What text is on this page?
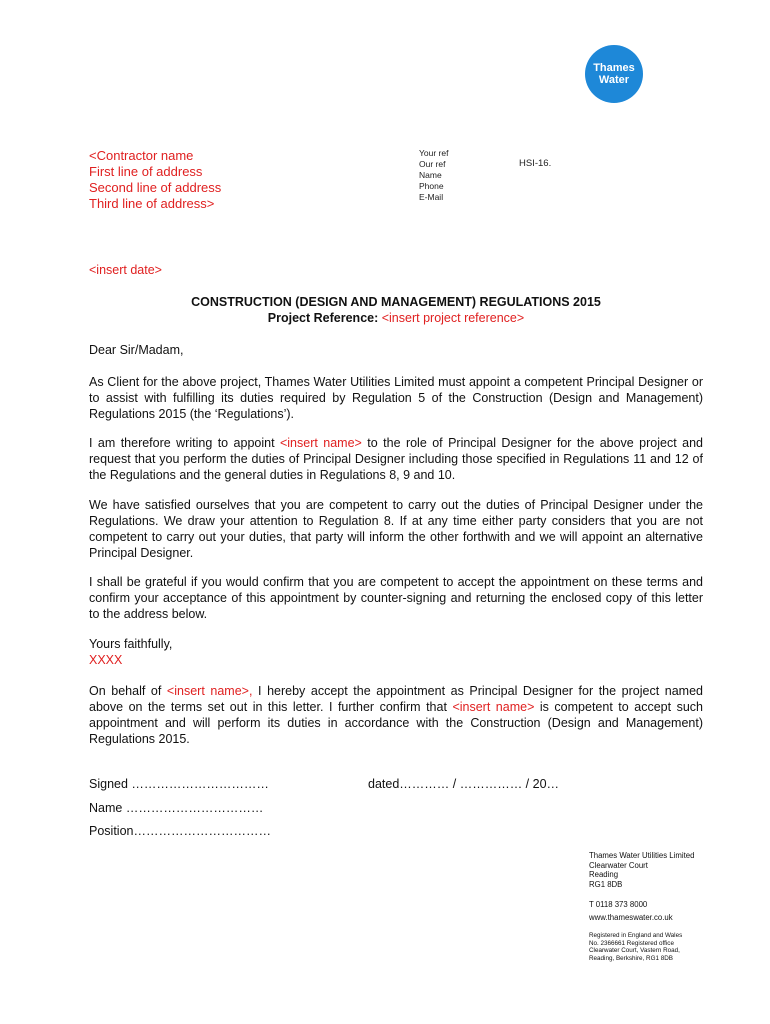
Thames
Water
<Contractor name
First line of address
Second line of address
Third line of address>
Your ref
Our ref
Name
Phone
E-Mail
HSI-16.
<insert date>
CONSTRUCTION (DESIGN AND MANAGEMENT) REGULATIONS 2015
Project Reference: <insert project reference>
Dear Sir/Madam,
As Client for the above project, Thames Water Utilities Limited must appoint a competent Principal Designer or to assist with fulfilling its duties required by Regulation 5 of the Construction (Design and Management) Regulations 2015 (the ‘Regulations’).
I am therefore writing to appoint <insert name> to the role of Principal Designer for the above project and request that you perform the duties of Principal Designer including those specified in Regulations 11 and 12 of the Regulations and the general duties in Regulations 8, 9 and 10.
We have satisfied ourselves that you are competent to carry out the duties of Principal Designer under the Regulations. We draw your attention to Regulation 8. If at any time either party considers that you are not competent to carry out your duties, that party will inform the other forthwith and we will appoint an alternative Principal Designer.
I shall be grateful if you would confirm that you are competent to accept the appointment on these terms and confirm your acceptance of this appointment by counter-signing and returning the enclosed copy of this letter to the address below.
Yours faithfully,
XXXX
On behalf of <insert name>, I hereby accept the appointment as Principal Designer for the project named above on the terms set out in this letter. I further confirm that <insert name> is competent to accept such appointment and will perform its duties in accordance with the Construction (Design and Management) Regulations 2015.
Signed ……………………………	dated………… / …………… / 20…
Name ……………………………
Position……………………………
Thames Water Utilities Limited
Clearwater Court
Reading
RG1 8DB
T 0118 373 8000
www.thameswater.co.uk
Registered in England and Wales
No. 2366661 Registered office
Clearwater Court, Vastern Road,
Reading, Berkshire, RG1 8DB
